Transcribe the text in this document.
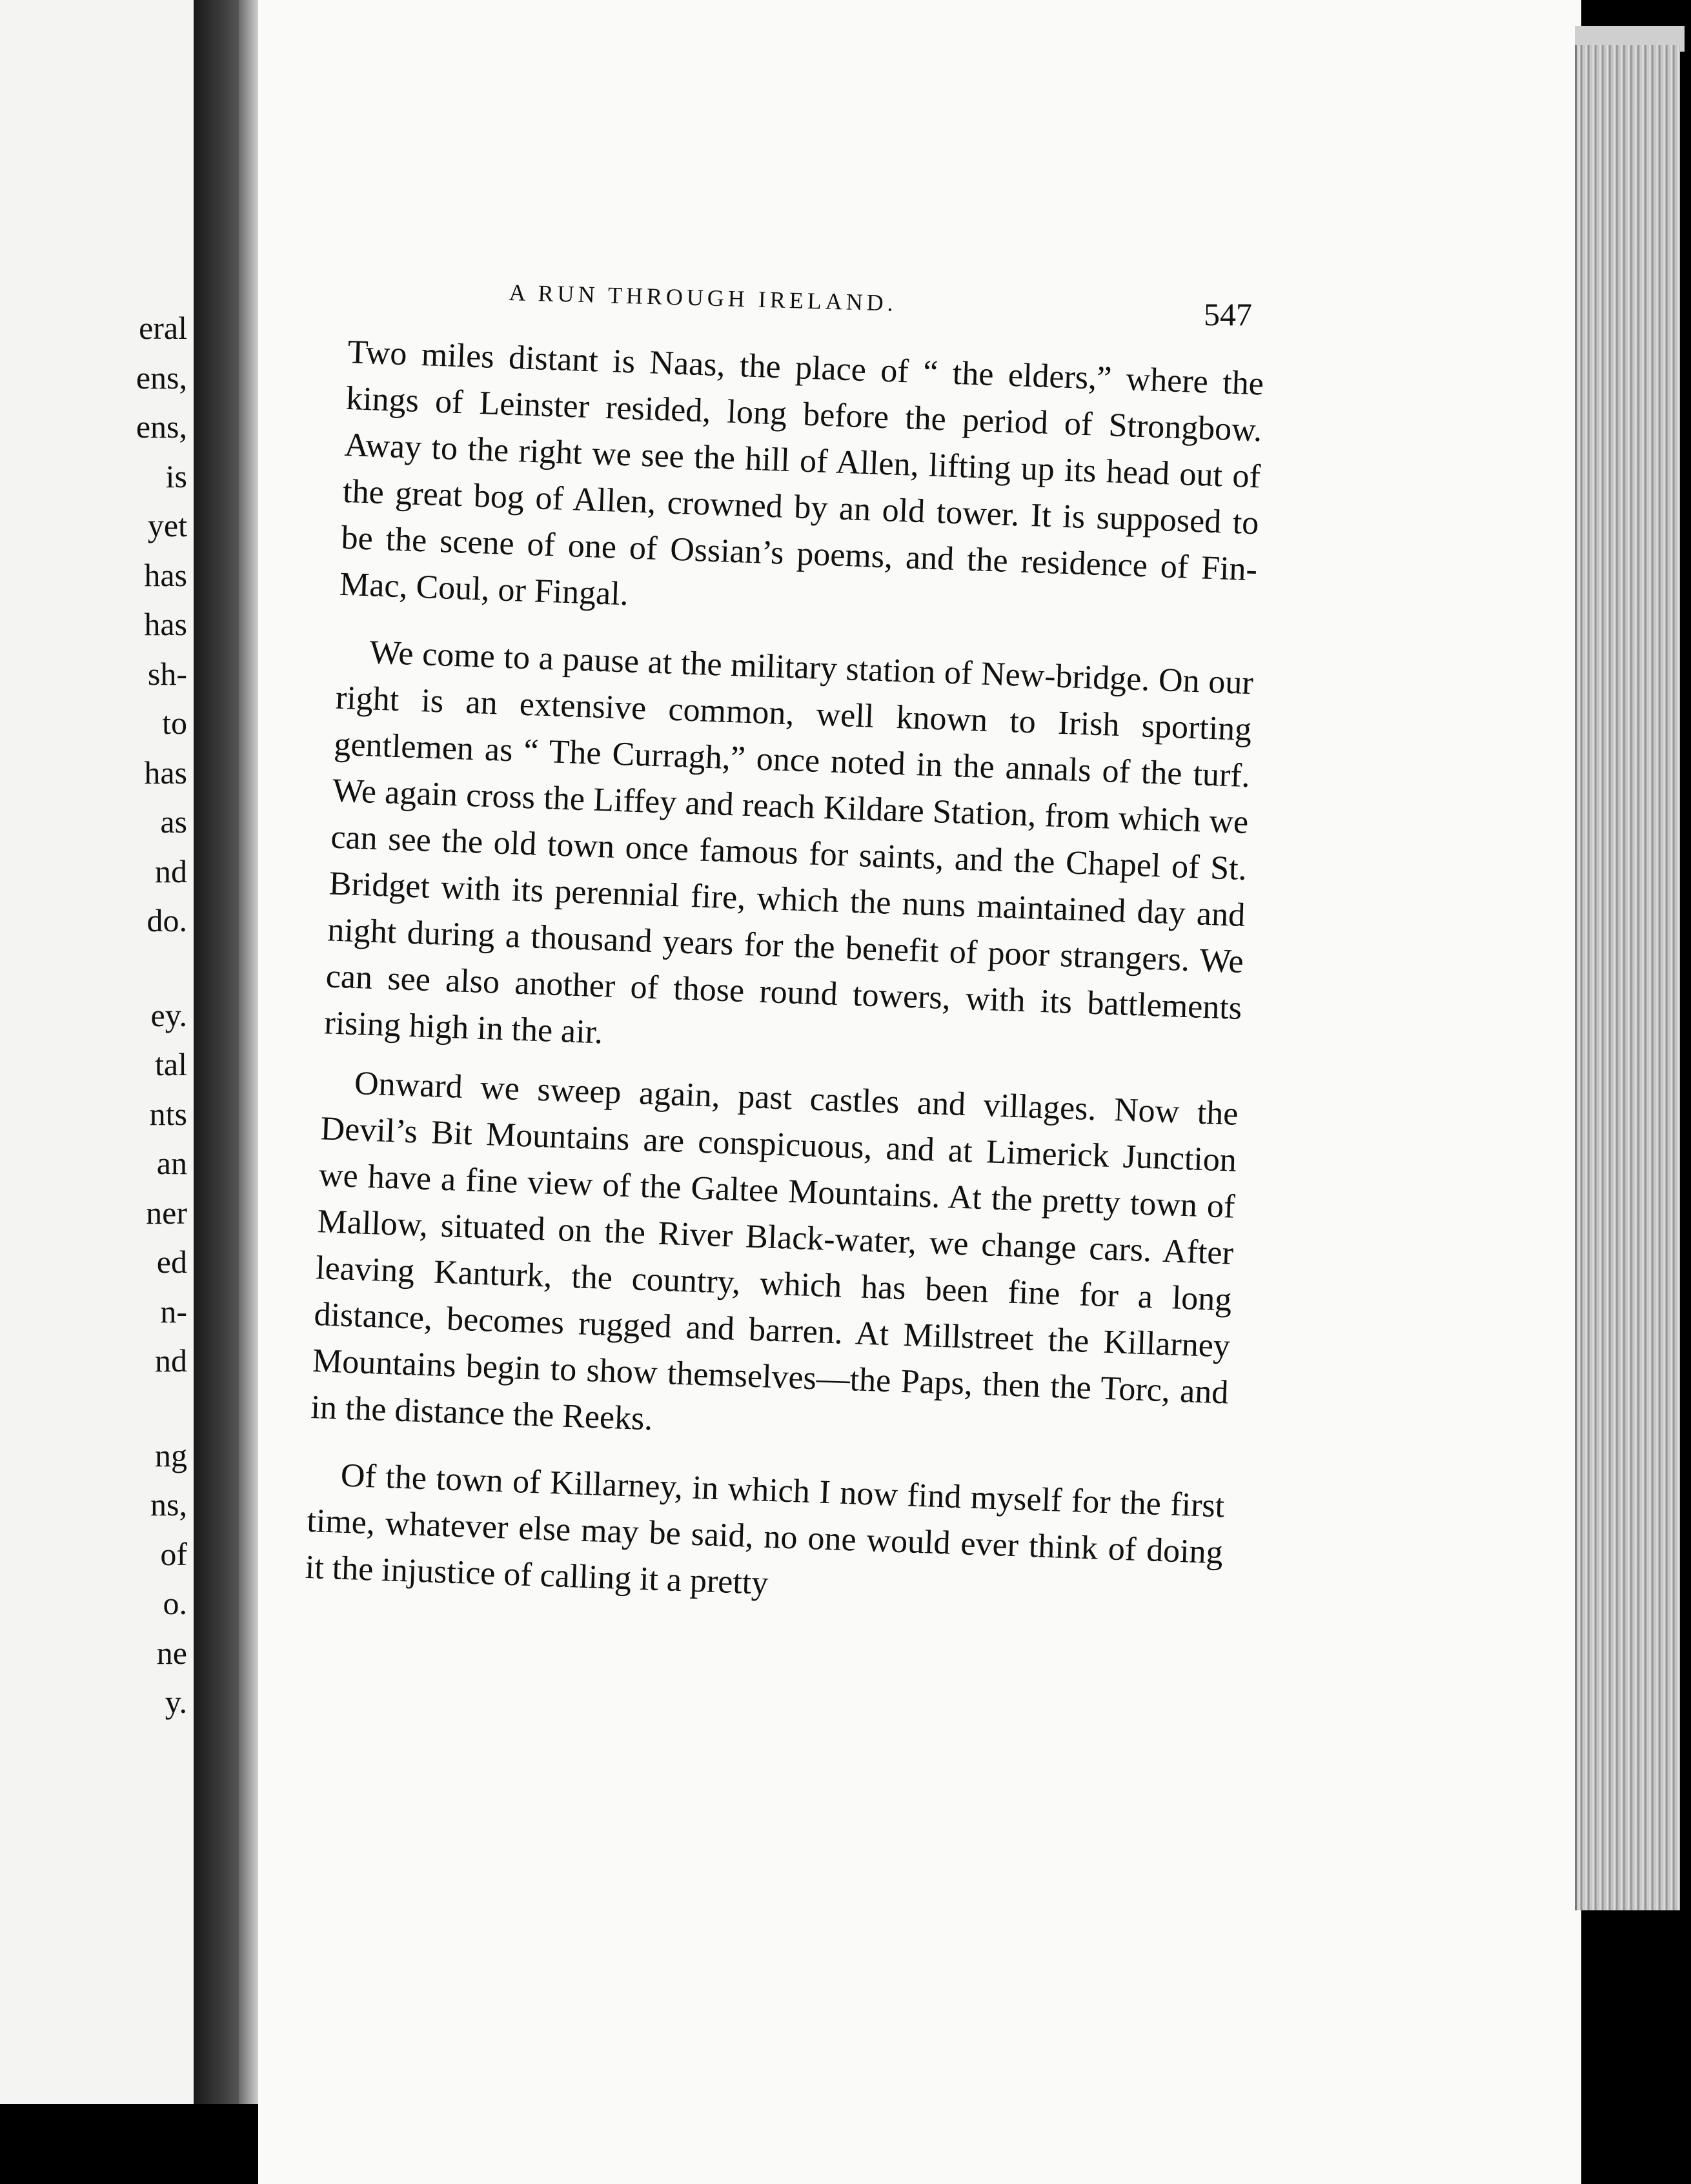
eral
ens,
ens,
is
yet
has
has
sh-
to
has
as
nd
do.
ey.
tal
nts
an
ner
ed
n-
nd
ng
ns,
of
o.
ne
y.
A RUN THROUGH IRELAND.	547

Two miles distant is Naas, the place of “ the elders,” where the kings of Leinster resided, long before the period of Strongbow. Away to the right we see the hill of Allen, lifting up its head out of the great bog of Allen, crowned by an old tower. It is supposed to be the scene of one of Ossian’s poems, and the residence of Fin-Mac, Coul, or Fingal.

We come to a pause at the military station of New-bridge. On our right is an extensive common, well known to Irish sporting gentlemen as “ The Curragh,” once noted in the annals of the turf. We again cross the Liffey and reach Kildare Station, from which we can see the old town once famous for saints, and the Chapel of St. Bridget with its perennial fire, which the nuns maintained day and night during a thousand years for the benefit of poor strangers. We can see also another of those round towers, with its battlements rising high in the air.

Onward we sweep again, past castles and villages. Now the Devil’s Bit Mountains are conspicuous, and at Limerick Junction we have a fine view of the Galtee Mountains. At the pretty town of Mallow, situated on the River Black-water, we change cars. After leaving Kanturk, the country, which has been fine for a long distance, becomes rugged and barren. At Millstreet the Killarney Mountains begin to show themselves—the Paps, then the Torc, and in the distance the Reeks.

Of the town of Killarney, in which I now find myself for the first time, whatever else may be said, no one would ever think of doing it the injustice of calling it a pretty
